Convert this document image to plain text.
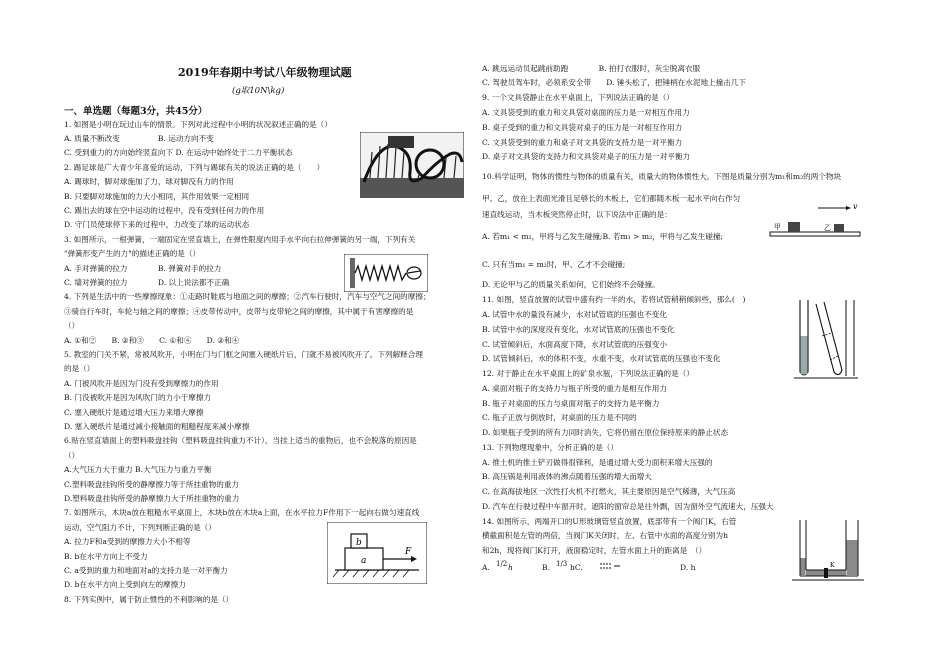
2019年春期中考试八年级物理试题
(g取10N\kg)
一、单选题（每题3分，共45分）
1. 如图是小明在玩过山车的情景。下列对此过程中小明的状况叙述正确的是（）
A. 质量不断改变　　　　　B. 运动方向不变
C. 受到重力的方向始终竖直向下 D. 在运动中始终处于二力平衡状态
2. 踢足球是广大青少年喜爱的运动，下列与踢球有关的说法正确的是（　　）
A. 踢球时，脚对球施加了力，球对脚没有力的作用
B. 只要脚对球施加的力大小相同，其作用效果一定相同
C. 踢出去的球在空中运动的过程中，没有受到任何力的作用
D. 守门员使球停下来的过程中，力改变了球的运动状态
3. 如图所示，一根弹簧，一端固定在竖直墙上，在弹性限度内用手水平向右拉伸弹簧的另一端，下列有关
"弹簧形变产生的力"的描述正确的是（）
A. 手对弹簧的拉力　　　　B. 弹簧对手的拉力
C. 墙对弹簧的拉力　　　　D. 以上说法都不正确
4. 下列是生活中的一些摩擦现象：①走路时鞋底与地面之间的摩擦；②汽车行驶时，汽车与空气之间的摩擦；
③骑自行车时，车轮与轴之间的摩擦；④皮带传动中，皮带与皮带轮之间的摩擦，其中属于有害摩擦的是
（）
A. ①和②　　B. ②和③　　C. ①和④　　D. ②和④
5. 教室的门关不紧，常被风吹开，小明在门与门框之间塞入硬纸片后，门就不易被风吹开了。下列解释合理
的是（）
A. 门被风吹开是因为门没有受到摩擦力的作用
B. 门没被吹开是因为风吹门的力小于摩擦力
C. 塞入硬纸片是通过增大压力来增大摩擦
D. 塞入硬纸片是通过减小接触面的粗糙程度来减小摩擦
6.贴在竖直墙面上的塑料吸盘挂钩（塑料吸盘挂钩重力不计），当挂上适当的重物后，也不会脱落的原因是
（）
A.大气压力大于重力 B.大气压力与重力平衡
C.塑料吸盘挂钩所受的静摩擦力等于所挂重物的重力
D.塑料吸盘挂钩所受的静摩擦力大于所挂重物的重力
7. 如图所示，木块a放在粗糙水平桌面上，木块b放在木块a上面，在水平拉力F作用下一起向右做匀速直线
运动，空气阻力不计，下列判断正确的是（）
A. 拉力F和a受到的摩擦力大小不相等
B. b在水平方向上不受力
C. a受到的重力和地面对a的支持力是一对平衡力
D. b在水平方向上受到向左的摩擦力
8. 下列实例中，属于防止惯性的不利影响的是（）
a
b
F
A. 跳远运动员起跳前助跑　　　　B. 拍打衣服时，灰尘脱离衣服
C. 驾驶员驾车时，必须系安全带　　D. 锤头松了，把锤柄在水泥地上撞击几下
9. 一个文具袋静止在水平桌面上，下列说法正确的是（）
A. 文具袋受到的重力和文具袋对桌面的压力是一对相互作用力
B. 桌子受到的重力和文具袋对桌子的压力是一对相互作用力
C. 文具袋受到的重力和桌子对文具袋的支持力是一对平衡力
D. 桌子对文具袋的支持力和文具袋对桌子的压力是一对平衡力
10.科学证明，物体的惯性与物体的质量有关，质量大的物体惯性大。下图是质量分别为m₁和m₂的两个物块
甲、乙，放在上表面光滑且足够长的木板上，它们都随木板一起水平向右作匀
速直线运动，当木板突然停止时，以下说法中正确的是：
A. 若m₁ < m₂，甲将与乙发生碰撞;B. 若m₁ > m₂，甲将与乙发生碰撞;
C. 只有当m₁ = m₂时，甲、乙才不会碰撞;
D. 无论甲与乙的质量关系如何，它们始终不会碰撞。
11. 如图，竖直放置的试管中盛有约一半的水，若将试管稍稍倾斜些，那么(　)
A. 试管中水的量没有减少，水对试管底的压强也不变化
B. 试管中水的深度没有变化，水对试管底的压强也不变化
C. 试管倾斜后，水面高度下降，水对试管底的压强变小
D. 试管倾斜后，水的体积不变，水重不变，水对试管底的压强也不变化
12. 对于静止在水平桌面上的矿泉水瓶，下列说法正确的是（）
A. 桌面对瓶子的支持力与瓶子所受的重力是相互作用力
B. 瓶子对桌面的压力与桌面对瓶子的支持力是平衡力
C. 瓶子正放与倒放时，对桌面的压力是不同的
D. 如果瓶子受到的所有力同时消失，它将仍留在原位保持原来的静止状态
13. 下列物理现象中，分析正确的是（）
A. 推土机的推土铲刃做得很锋利，是通过增大受力面积来增大压强的
B. 高压锅是利用液体的沸点随着压强的增大而增大
C. 在高海拔地区一次性打火机不打燃火，其主要原因是空气稀薄，大气压高
D. 汽车在行驶过程中车窗开时，遮阳的窗帘总是往外飘，因为窗外空气流速大，压强大
14. 如图所示，两端开口的U形玻璃管竖直放置，底部带有一个阀门K，右管
横截面积是左管的两倍，当阀门K关闭时，左、右管中水面的高度分别为h
和2h，现将阀门K打开，液面稳定时，左管水面上升的距离是　（）
A. 1/2 h	B. 1/3 hC.	D. h
v
甲	乙
K
